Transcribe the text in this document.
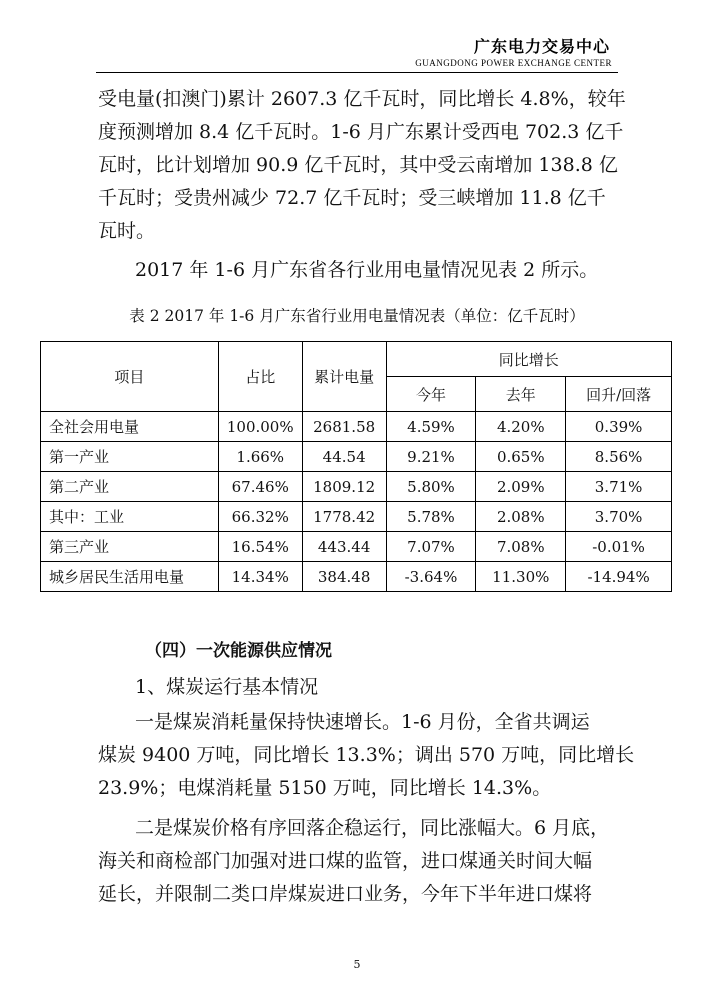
广东电力交易中心
GUANGDONG POWER EXCHANGE CENTER
受电量(扣澳门)累计 2607.3 亿千瓦时，同比增长 4.8%，较年
度预测增加 8.4 亿千瓦时。1-6 月广东累计受西电 702.3 亿千
瓦时，比计划增加 90.9 亿千瓦时，其中受云南增加 138.8 亿
千瓦时；受贵州减少 72.7 亿千瓦时；受三峡增加 11.8 亿千
瓦时。
2017 年 1-6 月广东省各行业用电量情况见表 2 所示。
表 2 2017 年 1-6 月广东省行业用电量情况表（单位：亿千瓦时）
项目	占比	累计电量	同比增长		
			今年	去年	回升/回落
全社会用电量	100.00%	2681.58	4.59%	4.20%	0.39%
第一产业	1.66%	44.54	9.21%	0.65%	8.56%
第二产业	67.46%	1809.12	5.80%	2.09%	3.71%
其中：工业	66.32%	1778.42	5.78%	2.08%	3.70%
第三产业	16.54%	443.44	7.07%	7.08%	-0.01%
城乡居民生活用电量	14.34%	384.48	-3.64%	11.30%	-14.94%
（四）一次能源供应情况
1、煤炭运行基本情况
一是煤炭消耗量保持快速增长。1-6 月份，全省共调运
煤炭 9400 万吨，同比增长 13.3%；调出 570 万吨，同比增长
23.9%；电煤消耗量 5150 万吨，同比增长 14.3%。
二是煤炭价格有序回落企稳运行，同比涨幅大。6 月底，
海关和商检部门加强对进口煤的监管，进口煤通关时间大幅
延长，并限制二类口岸煤炭进口业务，今年下半年进口煤将
5
